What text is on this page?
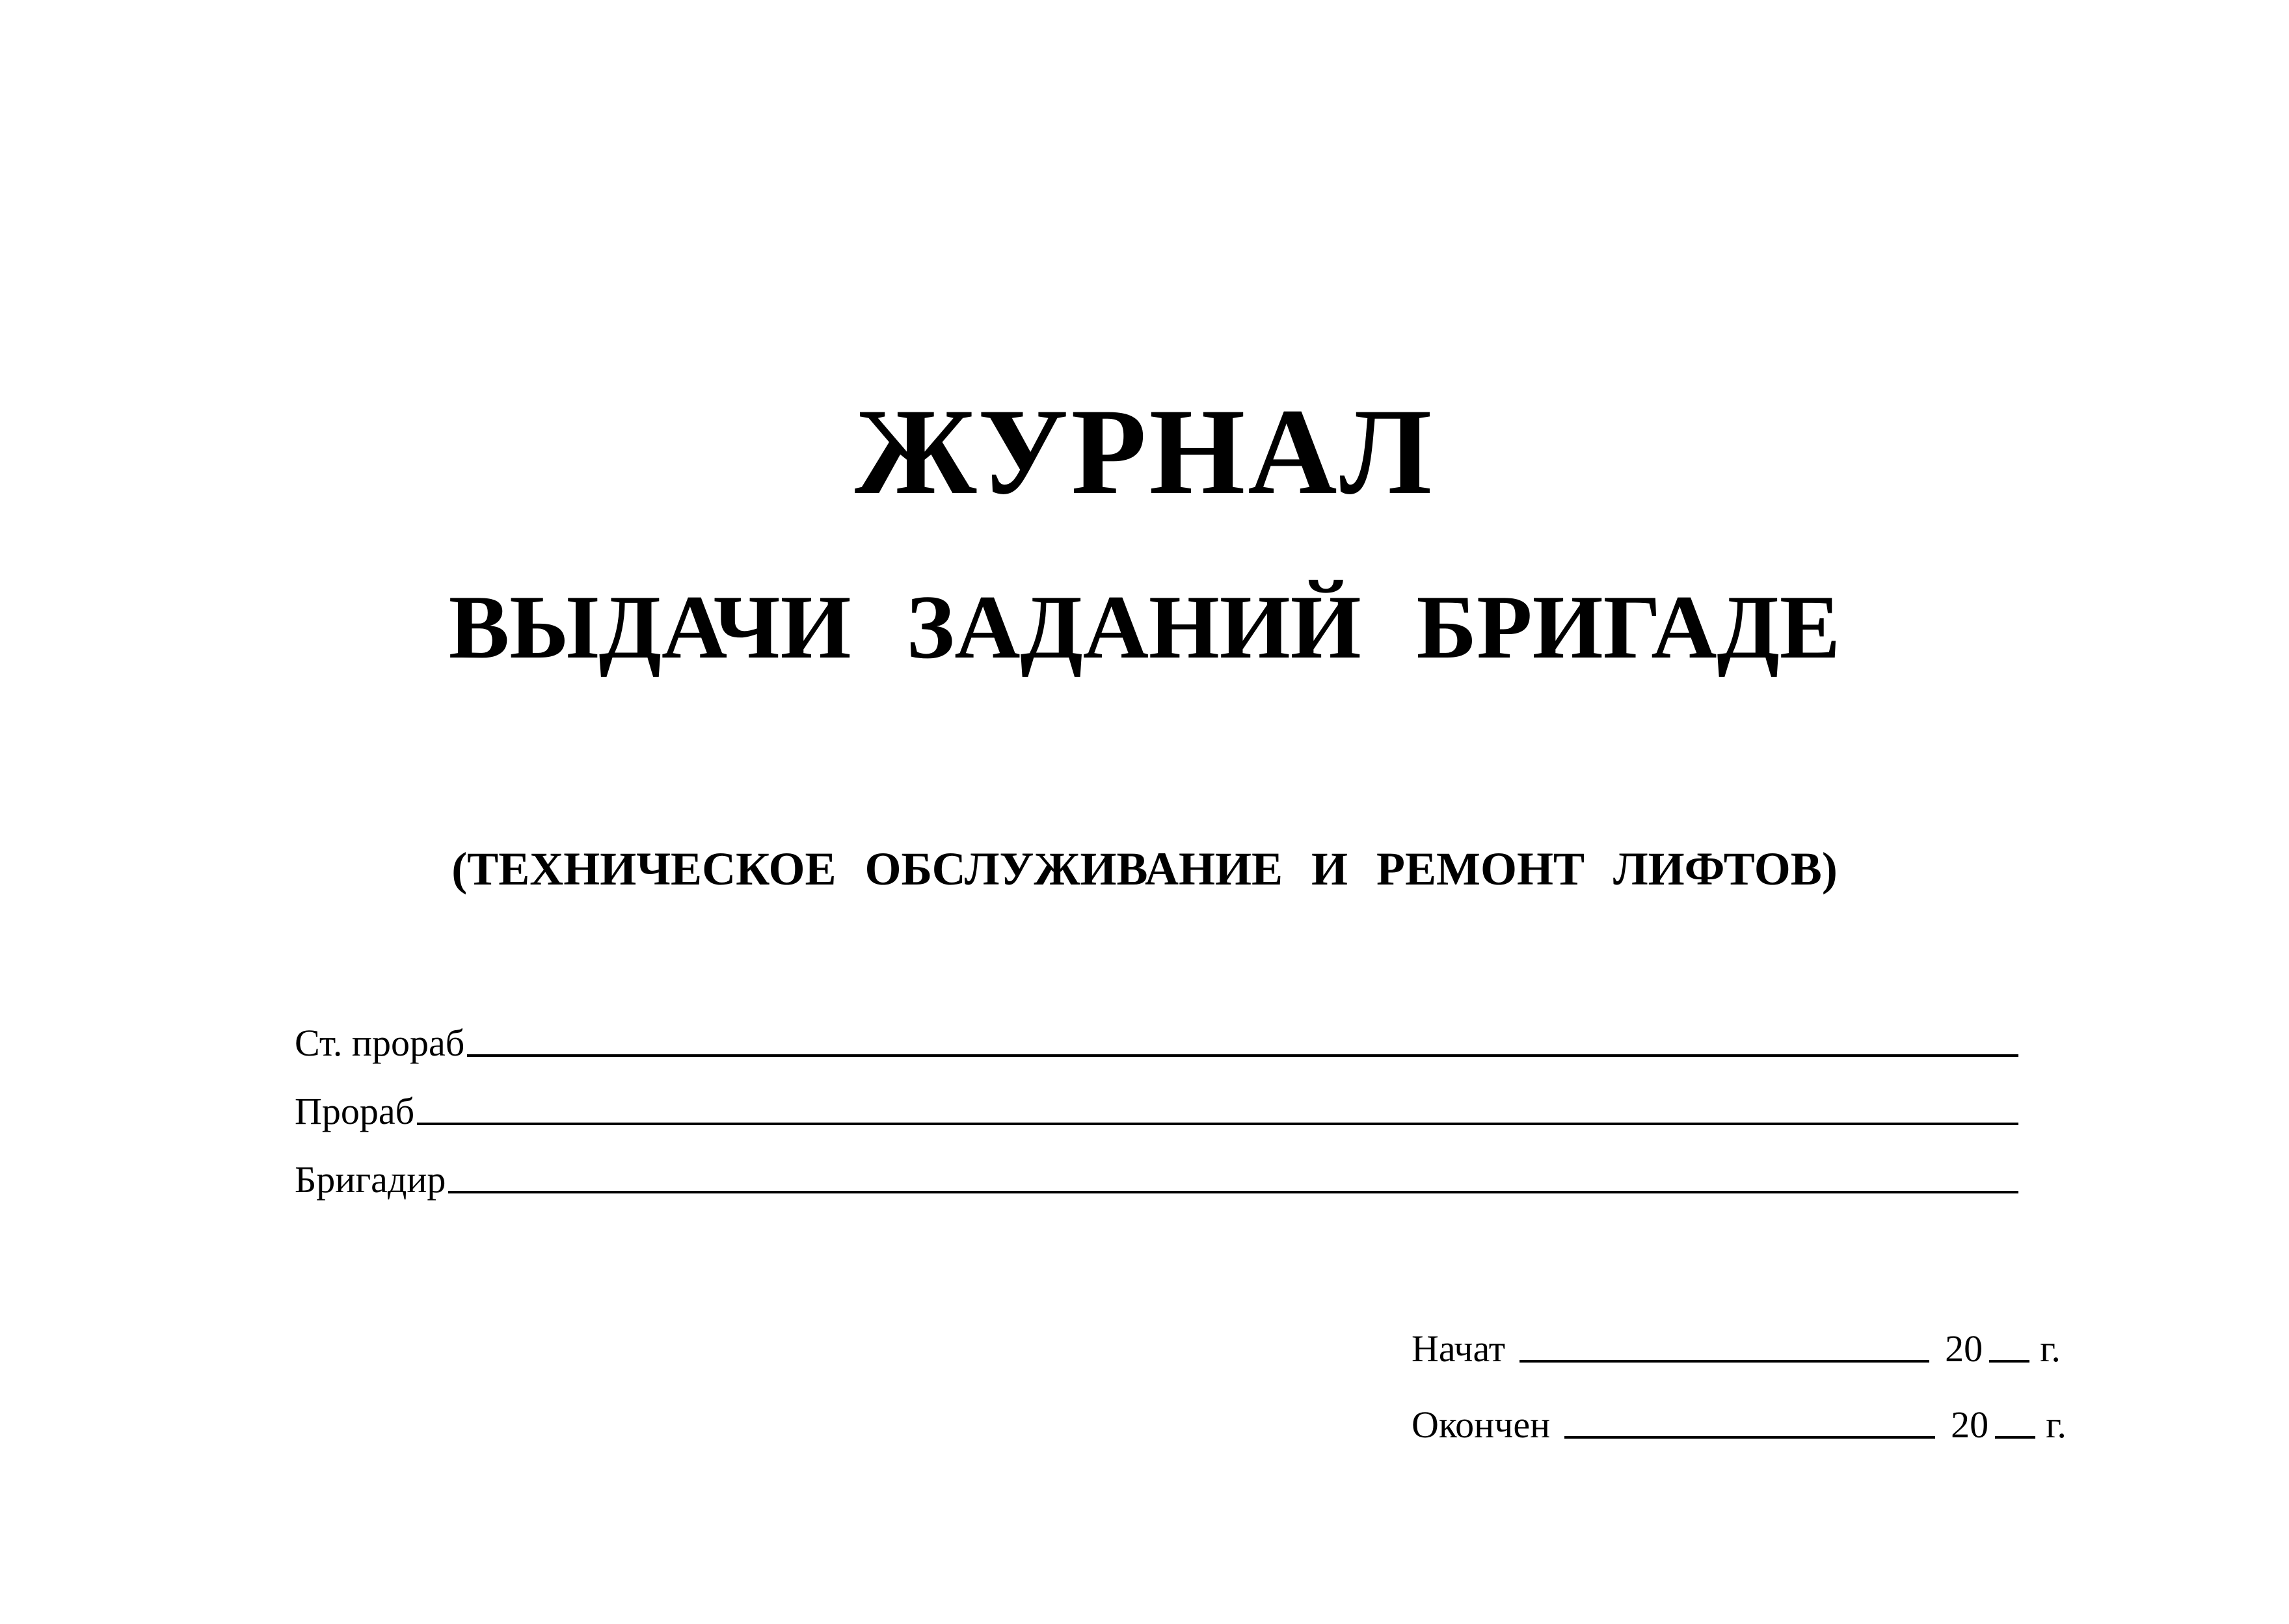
ЖУРНАЛ
ВЫДАЧИ ЗАДАНИЙ БРИГАДЕ
(ТЕХНИЧЕСКОЕ ОБСЛУЖИВАНИЕ И РЕМОНТ ЛИФТОВ)
Ст. прораб
Прораб
Бригадир
Начат	20 г.
Окончен	20 г.
